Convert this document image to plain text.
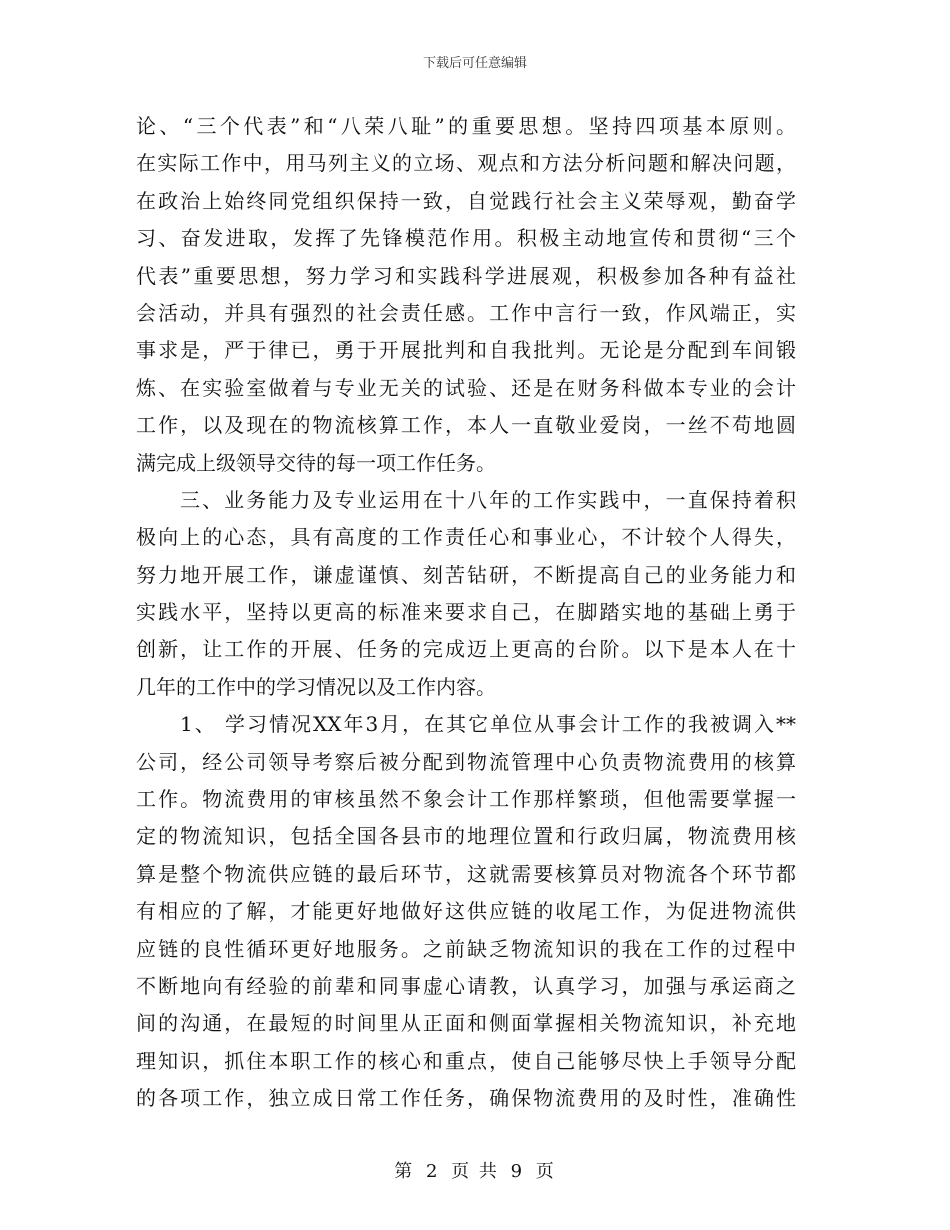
下载后可任意编辑
论、“三个代表”和“八荣八耻”的重要思想。坚持四项基本原则。
在实际工作中，用马列主义的立场、观点和方法分析问题和解决问题，
在政治上始终同党组织保持一致，自觉践行社会主义荣辱观，勤奋学
习、奋发进取，发挥了先锋模范作用。积极主动地宣传和贯彻“三个
代表”重要思想，努力学习和实践科学进展观，积极参加各种有益社
会活动，并具有强烈的社会责任感。工作中言行一致，作风端正，实
事求是，严于律已，勇于开展批判和自我批判。无论是分配到车间锻
炼、在实验室做着与专业无关的试验、还是在财务科做本专业的会计
工作，以及现在的物流核算工作，本人一直敬业爱岗，一丝不苟地圆
满完成上级领导交待的每一项工作任务。
三、业务能力及专业运用在十八年的工作实践中，一直保持着积
极向上的心态，具有高度的工作责任心和事业心，不计较个人得失，
努力地开展工作，谦虚谨慎、刻苦钻研，不断提高自己的业务能力和
实践水平，坚持以更高的标准来要求自己，在脚踏实地的基础上勇于
创新，让工作的开展、任务的完成迈上更高的台阶。以下是本人在十
几年的工作中的学习情况以及工作内容。
1、 学习情况XX年3月，在其它单位从事会计工作的我被调入**
公司，经公司领导考察后被分配到物流管理中心负责物流费用的核算
工作。物流费用的审核虽然不象会计工作那样繁琐，但他需要掌握一
定的物流知识，包括全国各县市的地理位置和行政归属，物流费用核
算是整个物流供应链的最后环节，这就需要核算员对物流各个环节都
有相应的了解，才能更好地做好这供应链的收尾工作，为促进物流供
应链的良性循环更好地服务。之前缺乏物流知识的我在工作的过程中
不断地向有经验的前辈和同事虚心请教，认真学习，加强与承运商之
间的沟通，在最短的时间里从正面和侧面掌握相关物流知识，补充地
理知识，抓住本职工作的核心和重点，使自己能够尽快上手领导分配
的各项工作，独立成日常工作任务，确保物流费用的及时性，准确性
第 2 页 共 9 页
